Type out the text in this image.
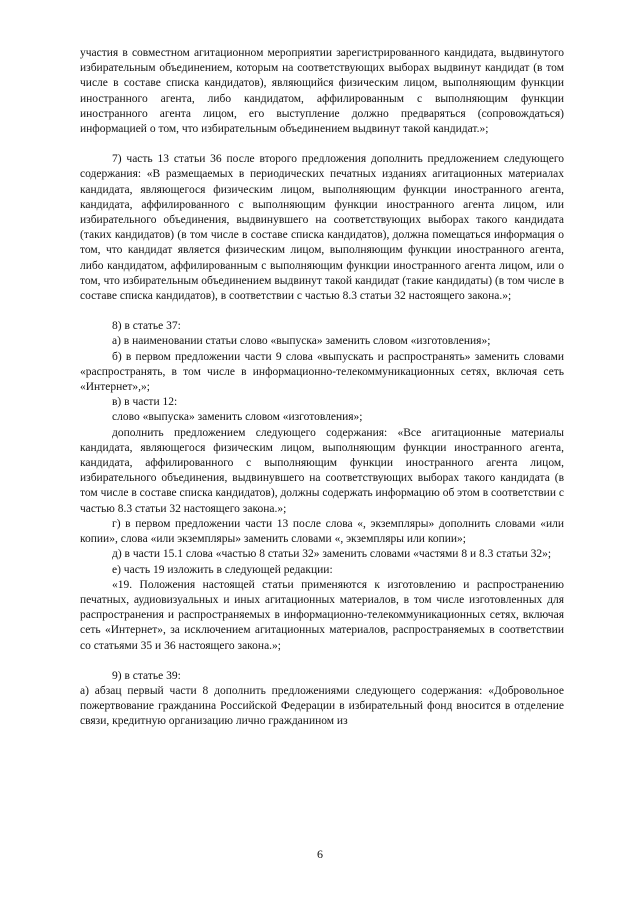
участия в совместном агитационном мероприятии зарегистрированного кандидата, выдвинутого избирательным объединением, которым на соответствующих выборах выдвинут кандидат (в том числе в составе списка кандидатов), являющийся физическим лицом, выполняющим функции иностранного агента, либо кандидатом, аффилированным с выполняющим функции иностранного агента лицом, его выступление должно предваряться (сопровождаться) информацией о том, что избирательным объединением выдвинут такой кандидат.»;

7) часть 13 статьи 36 после второго предложения дополнить предложением следующего содержания: «В размещаемых в периодических печатных изданиях агитационных материалах кандидата, являющегося физическим лицом, выполняющим функции иностранного агента, кандидата, аффилированного с выполняющим функции иностранного агента лицом, или избирательного объединения, выдвинувшего на соответствующих выборах такого кандидата (таких кандидатов) (в том числе в составе списка кандидатов), должна помещаться информация о том, что кандидат является физическим лицом, выполняющим функции иностранного агента, либо кандидатом, аффилированным с выполняющим функции иностранного агента лицом, или о том, что избирательным объединением выдвинут такой кандидат (такие кандидаты) (в том числе в составе списка кандидатов), в соответствии с частью 8.3 статьи 32 настоящего закона.»;

8) в статье 37:

а) в наименовании статьи слово «выпуска» заменить словом «изготовления»;

б) в первом предложении части 9 слова «выпускать и распространять» заменить словами «распространять, в том числе в информационно-телекоммуникационных сетях, включая сеть «Интернет»,»;

в) в части 12:

слово «выпуска» заменить словом «изготовления»;

дополнить предложением следующего содержания: «Все агитационные материалы кандидата, являющегося физическим лицом, выполняющим функции иностранного агента, кандидата, аффилированного с выполняющим функции иностранного агента лицом, избирательного объединения, выдвинувшего на соответствующих выборах такого кандидата (в том числе в составе списка кандидатов), должны содержать информацию об этом в соответствии с частью 8.3 статьи 32 настоящего закона.»;

г) в первом предложении части 13 после слова «, экземпляры» дополнить словами «или копии», слова «или экземпляры» заменить словами «, экземпляры или копии»;

д) в части 15.1 слова «частью 8 статьи 32» заменить словами «частями 8 и 8.3 статьи 32»;

е) часть 19 изложить в следующей редакции:

«19. Положения настоящей статьи применяются к изготовлению и распространению печатных, аудиовизуальных и иных агитационных материалов, в том числе изготовленных для распространения и распространяемых в информационно-телекоммуникационных сетях, включая сеть «Интернет», за исключением агитационных материалов, распространяемых в соответствии со статьями 35 и 36 настоящего закона.»;

9) в статье 39:

а) абзац первый части 8 дополнить предложениями следующего содержания: «Добровольное пожертвование гражданина Российской Федерации в избирательный фонд вносится в отделение связи, кредитную организацию лично гражданином из

6
